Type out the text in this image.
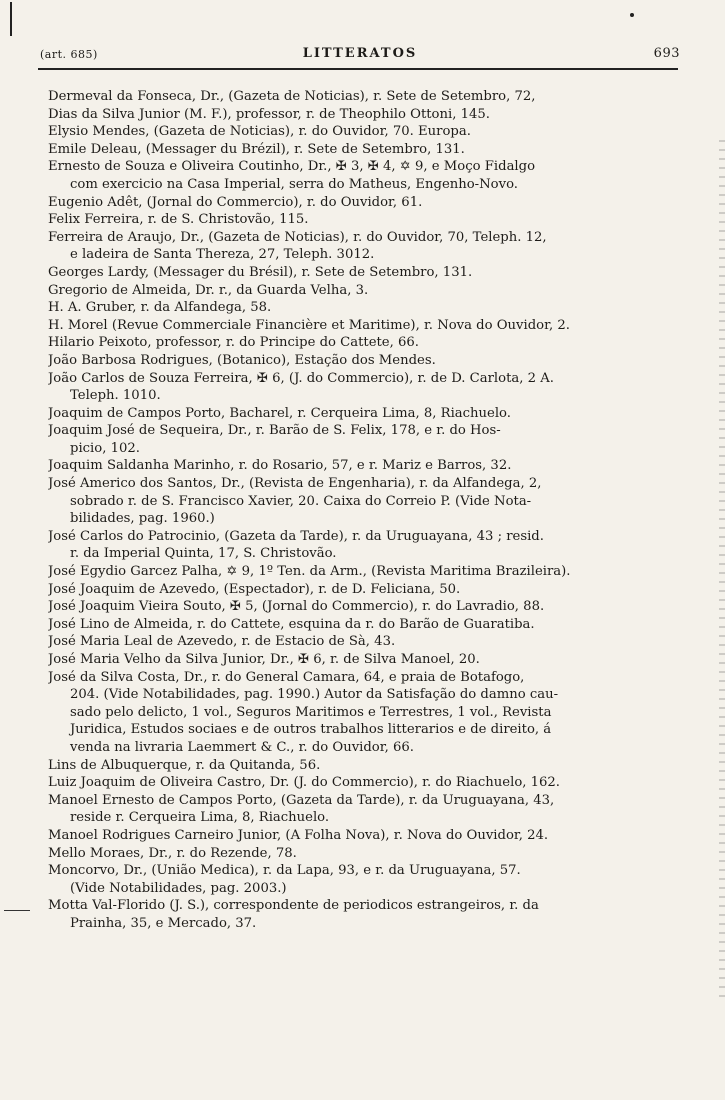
(art. 685)	LITTERATOS	693
Dermeval da Fonseca, Dr., (Gazeta de Noticias), r. Sete de Setembro, 72,
Dias da Silva Junior (M. F.), professor, r. de Theophilo Ottoni, 145.
Elysio Mendes, (Gazeta de Noticias), r. do Ouvidor, 70. Europa.
Emile Deleau, (Messager du Brézil), r. Sete de Setembro, 131.
Ernesto de Souza e Oliveira Coutinho, Dr., ✠ 3, ✠ 4, ✡ 9, e Moço Fidalgo
com exercicio na Casa Imperial, serra do Matheus, Engenho-Novo.
Eugenio Adêt, (Jornal do Commercio), r. do Ouvidor, 61.
Felix Ferreira, r. de S. Christovão, 115.
Ferreira de Araujo, Dr., (Gazeta de Noticias), r. do Ouvidor, 70, Teleph. 12,
e ladeira de Santa Thereza, 27, Teleph. 3012.
Georges Lardy, (Messager du Brésil), r. Sete de Setembro, 131.
Gregorio de Almeida, Dr. r., da Guarda Velha, 3.
H. A. Gruber, r. da Alfandega, 58.
H. Morel (Revue Commerciale Financière et Maritime), r. Nova do Ouvidor, 2.
Hilario Peixoto, professor, r. do Principe do Cattete, 66.
João Barbosa Rodrigues, (Botanico), Estação dos Mendes.
João Carlos de Souza Ferreira, ✠ 6, (J. do Commercio), r. de D. Carlota, 2 A.
Teleph. 1010.
Joaquim de Campos Porto, Bacharel, r. Cerqueira Lima, 8, Riachuelo.
Joaquim José de Sequeira, Dr., r. Barão de S. Felix, 178, e r. do Hos-
picio, 102.
Joaquim Saldanha Marinho, r. do Rosario, 57, e r. Mariz e Barros, 32.
José Americo dos Santos, Dr., (Revista de Engenharia), r. da Alfandega, 2,
sobrado r. de S. Francisco Xavier, 20. Caixa do Correio P. (Vide Nota-
bilidades, pag. 1960.)
José Carlos do Patrocinio, (Gazeta da Tarde), r. da Uruguayana, 43 ; resid.
r. da Imperial Quinta, 17, S. Christovão.
José Egydio Garcez Palha, ✡ 9, 1º Ten. da Arm., (Revista Maritima Brazileira).
José Joaquim de Azevedo, (Espectador), r. de D. Feliciana, 50.
José Joaquim Vieira Souto, ✠ 5, (Jornal do Commercio), r. do Lavradio, 88.
José Lino de Almeida, r. do Cattete, esquina da r. do Barão de Guaratiba.
José Maria Leal de Azevedo, r. de Estacio de Sà, 43.
José Maria Velho da Silva Junior, Dr., ✠ 6, r. de Silva Manoel, 20.
José da Silva Costa, Dr., r. do General Camara, 64, e praia de Botafogo,
204. (Vide Notabilidades, pag. 1990.) Autor da Satisfação do damno cau-
sado pelo delicto, 1 vol., Seguros Maritimos e Terrestres, 1 vol., Revista
Juridica, Estudos sociaes e de outros trabalhos litterarios e de direito, á
venda na livraria Laemmert & C., r. do Ouvidor, 66.
Lins de Albuquerque, r. da Quitanda, 56.
Luiz Joaquim de Oliveira Castro, Dr. (J. do Commercio), r. do Riachuelo, 162.
Manoel Ernesto de Campos Porto, (Gazeta da Tarde), r. da Uruguayana, 43,
reside r. Cerqueira Lima, 8, Riachuelo.
Manoel Rodrigues Carneiro Junior, (A Folha Nova), r. Nova do Ouvidor, 24.
Mello Moraes, Dr., r. do Rezende, 78.
Moncorvo, Dr., (União Medica), r. da Lapa, 93, e r. da Uruguayana, 57.
(Vide Notabilidades, pag. 2003.)
Motta Val-Florido (J. S.), correspondente de periodicos estrangeiros, r. da
Prainha, 35, e Mercado, 37.
